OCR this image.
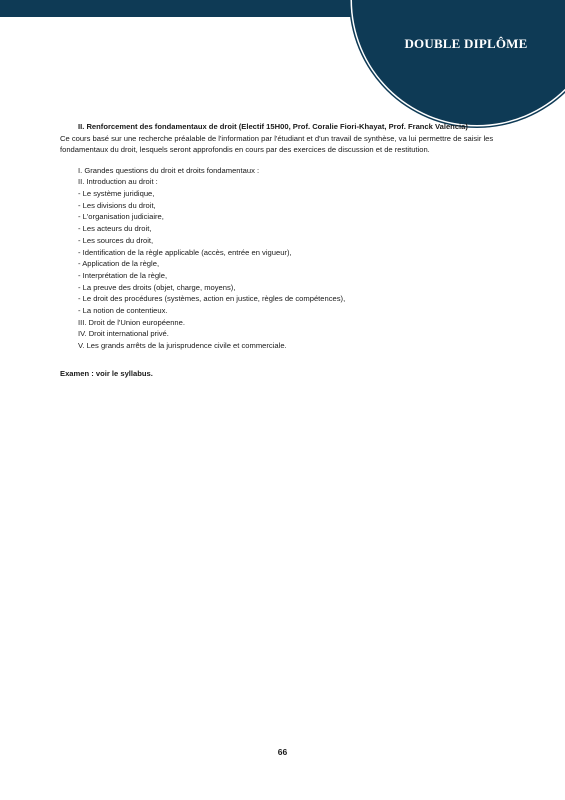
DOUBLE DIPLÔME
II. Renforcement des fondamentaux de droit (Electif 15H00, Prof. Coralie Fiori-Khayat, Prof. Franck Valencia)
Ce cours basé sur une recherche préalable de l'information par l'étudiant et d'un travail de synthèse, va lui permettre de saisir les fondamentaux du droit, lesquels seront approfondis en cours par des exercices de discussion et de restitution.
I. Grandes questions du droit et droits fondamentaux :
II. Introduction au droit :
- Le système juridique,
- Les divisions du droit,
- L'organisation judiciaire,
- Les acteurs du droit,
- Les sources du droit,
- Identification de la règle applicable (accès, entrée en vigueur),
- Application de la règle,
- Interprétation de la règle,
- La preuve des droits (objet, charge, moyens),
- Le droit des procédures (systèmes, action en justice, règles de compétences),
- La notion de contentieux.
III. Droit de l'Union européenne.
IV. Droit international privé.
V. Les grands arrêts de la jurisprudence civile et commerciale.
Examen : voir le syllabus.
66
